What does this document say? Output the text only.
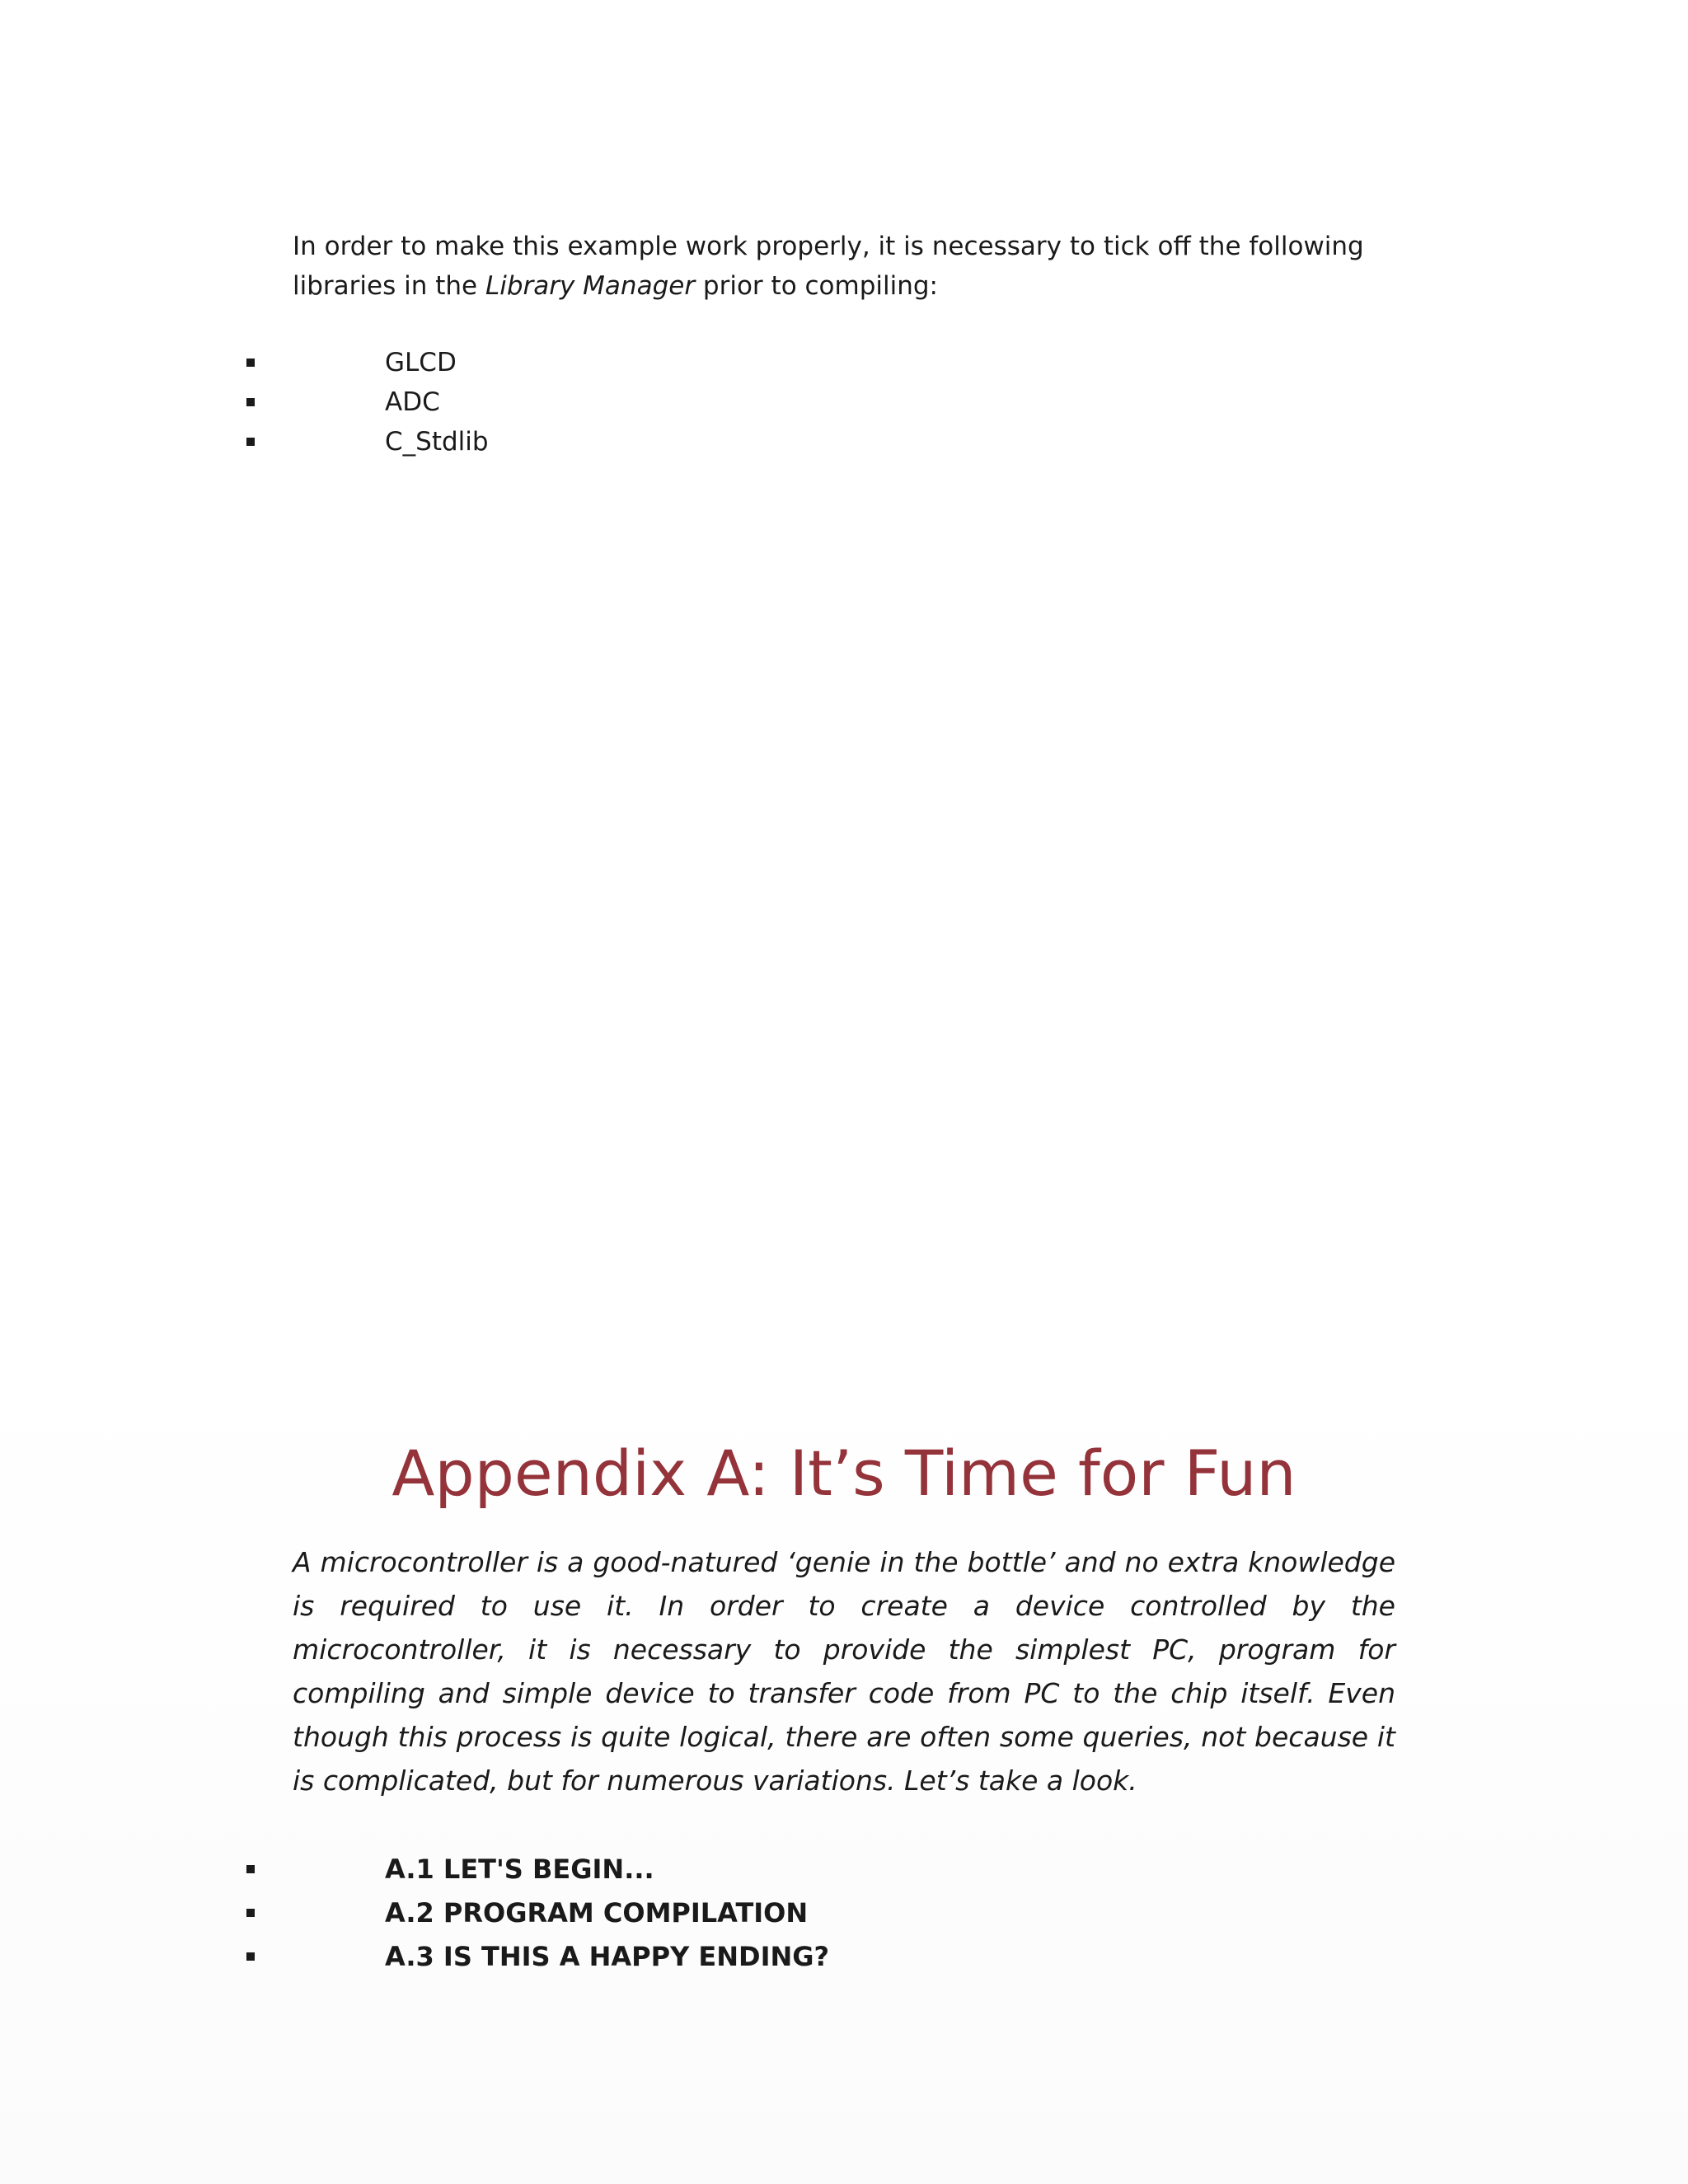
In order to make this example work properly, it is necessary to tick off the following libraries in the Library Manager prior to compiling:

GLCD
ADC
C_Stdlib
Appendix A: It’s Time for Fun

A microcontroller is a good-natured ‘genie in the bottle’ and no extra knowledge is required to use it. In order to create a device controlled by the microcontroller, it is necessary to provide the simplest PC, program for compiling and simple device to transfer code from PC to the chip itself. Even though this process is quite logical, there are often some queries, not because it is complicated, but for numerous variations. Let’s take a look.

A.1 LET'S BEGIN...
A.2 PROGRAM COMPILATION
A.3 IS THIS A HAPPY ENDING?
